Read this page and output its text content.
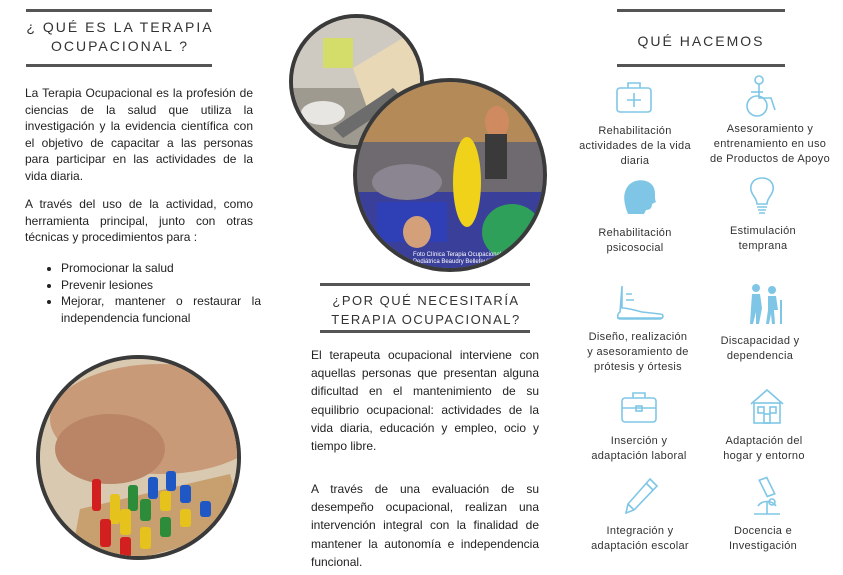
¿ QUÉ ES LA TERAPIA
OCUPACIONAL ?
La Terapia Ocupacional es la profesión de ciencias de la salud que utiliza la investigación y la evidencia científica con el objetivo de capacitar a las personas para participar en las actividades de la vida diaria.
A través del uso de la actividad, como herramienta principal, junto con otras técnicas y procedimientos para :
• Promocionar la salud
• Prevenir lesiones
• Mejorar, mantener o restaurar la independencia funcional
Foto Clínica Terapia Ocupacional
Pediátrica Beaudry Bellefeuille
¿POR QUÉ NECESITARÍA
TERAPIA OCUPACIONAL?
El terapeuta ocupacional interviene con aquellas personas que presentan alguna dificultad en el mantenimiento de su equilibrio ocupacional: actividades de la vida diaria, educación y empleo, ocio y tiempo libre.
A través de una evaluación de su desempeño ocupacional, realizan una intervención integral con la finalidad de mantener la autonomía e independencia funcional.
QUÉ HACEMOS
Rehabilitación
actividades de la vida
diaria
Asesoramiento y
entrenamiento en uso
de Productos de Apoyo
Rehabilitación
psicosocial
Estimulación
temprana
Diseño, realización
y asesoramiento de
prótesis y órtesis
Discapacidad y
dependencia
Inserción y
adaptación laboral
Adaptación del
hogar y entorno
Integración y
adaptación escolar
Docencia e
Investigación
